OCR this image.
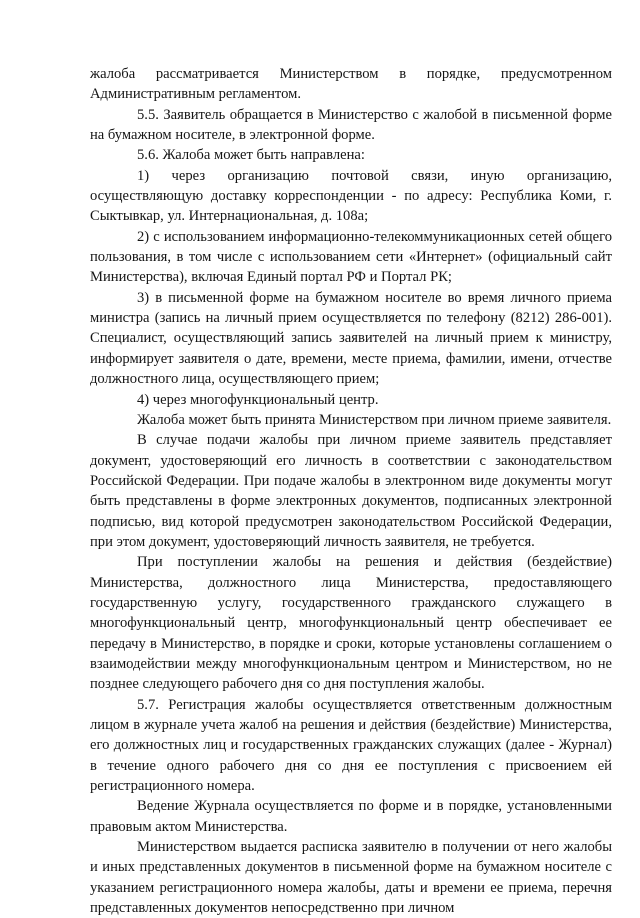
жалоба рассматривается Министерством в порядке, предусмотренном Административным регламентом.

5.5. Заявитель обращается в Министерство с жалобой в письменной форме на бумажном носителе, в электронной форме.

5.6. Жалоба может быть направлена:

1) через организацию почтовой связи, иную организацию, осуществляющую доставку корреспонденции - по адресу: Республика Коми, г. Сыктывкар, ул. Интернациональная, д. 108а;

2) с использованием информационно-телекоммуникационных сетей общего пользования, в том числе с использованием сети «Интернет» (официальный сайт Министерства), включая Единый портал РФ и Портал РК;

3) в письменной форме на бумажном носителе во время личного приема министра (запись на личный прием осуществляется по телефону (8212) 286-001). Специалист, осуществляющий запись заявителей на личный прием к министру, информирует заявителя о дате, времени, месте приема, фамилии, имени, отчестве должностного лица, осуществляющего прием;

4) через многофункциональный центр.

Жалоба может быть принята Министерством при личном приеме заявителя.

В случае подачи жалобы при личном приеме заявитель представляет документ, удостоверяющий его личность в соответствии с законодательством Российской Федерации. При подаче жалобы в электронном виде документы могут быть представлены в форме электронных документов, подписанных электронной подписью, вид которой предусмотрен законодательством Российской Федерации, при этом документ, удостоверяющий личность заявителя, не требуется.

При поступлении жалобы на решения и действия (бездействие) Министерства, должностного лица Министерства, предоставляющего государственную услугу, государственного гражданского служащего в многофункциональный центр, многофункциональный центр обеспечивает ее передачу в Министерство, в порядке и сроки, которые установлены соглашением о взаимодействии между многофункциональным центром и Министерством, но не позднее следующего рабочего дня со дня поступления жалобы.

5.7. Регистрация жалобы осуществляется ответственным должностным лицом в журнале учета жалоб на решения и действия (бездействие) Министерства, его должностных лиц и государственных гражданских служащих (далее - Журнал) в течение одного рабочего дня со дня ее поступления с присвоением ей регистрационного номера.

Ведение Журнала осуществляется по форме и в порядке, установленными правовым актом Министерства.

Министерством выдается расписка заявителю в получении от него жалобы и иных представленных документов в письменной форме на бумажном носителе с указанием регистрационного номера жалобы, даты и времени ее приема, перечня представленных документов непосредственно при личном
